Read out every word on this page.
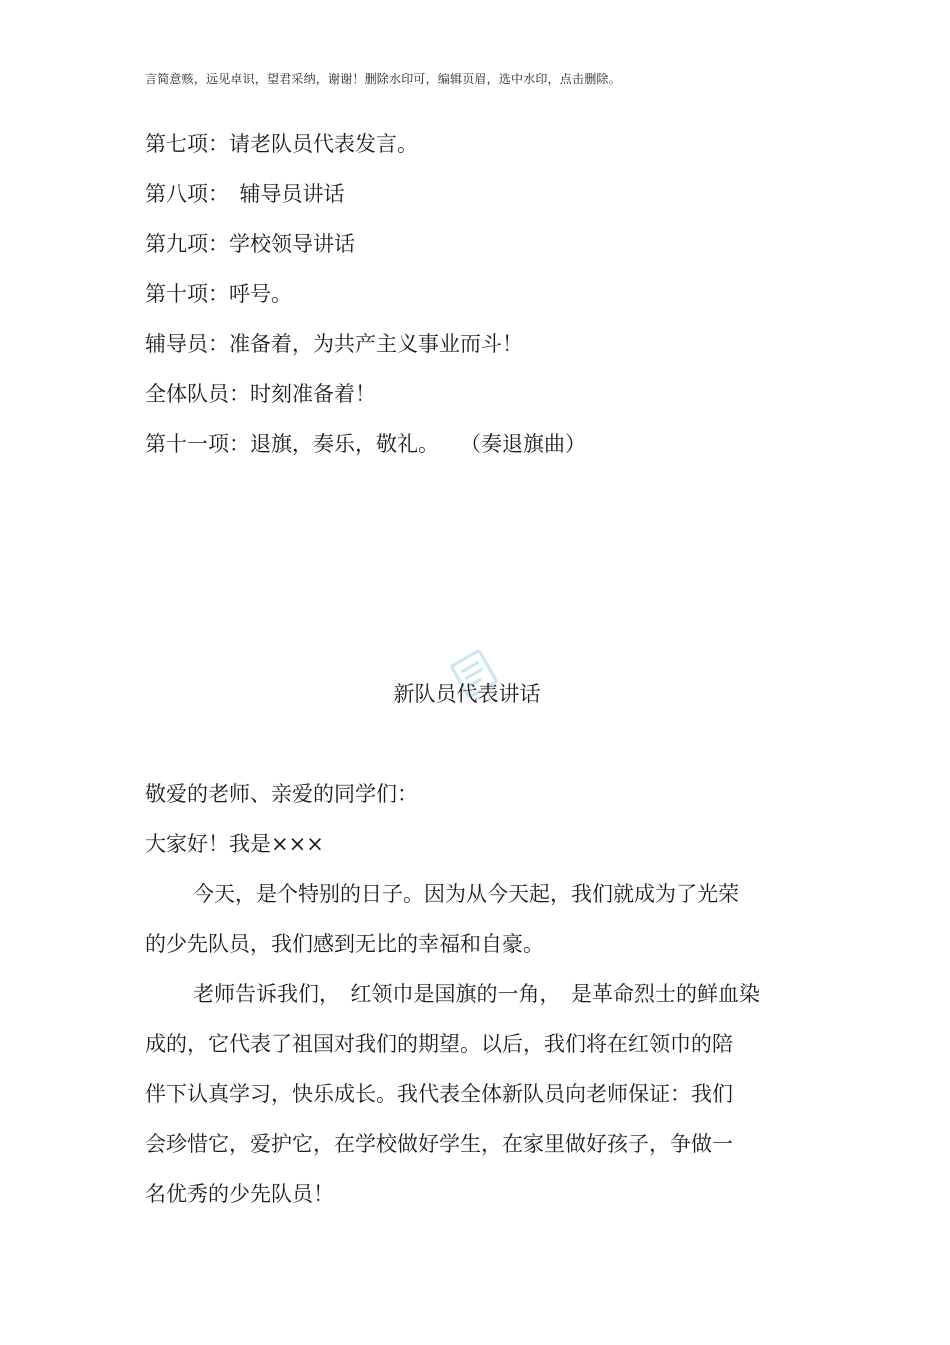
言简意赅，远见卓识，望君采纳，谢谢！删除水印可，编辑页眉，选中水印，点击删除。
第七项：请老队员代表发言。
第八项：　辅导员讲话
第九项：学校领导讲话
第十项：呼号。
辅导员：准备着，为共产主义事业而斗！
全体队员：时刻准备着！
第十一项：退旗，奏乐，敬礼。　　（奏退旗曲）
新队员代表讲话
敬爱的老师、亲爱的同学们：
大家好！我是×××
今天，是个特别的日子。因为从今天起，我们就成为了光荣
的少先队员，我们感到无比的幸福和自豪。
老师告诉我们，　红领巾是国旗的一角，　是革命烈士的鲜血染
成的，它代表了祖国对我们的期望。以后，我们将在红领巾的陪
伴下认真学习，快乐成长。我代表全体新队员向老师保证：我们
会珍惜它，爱护它，在学校做好学生，在家里做好孩子，争做一
名优秀的少先队员！
